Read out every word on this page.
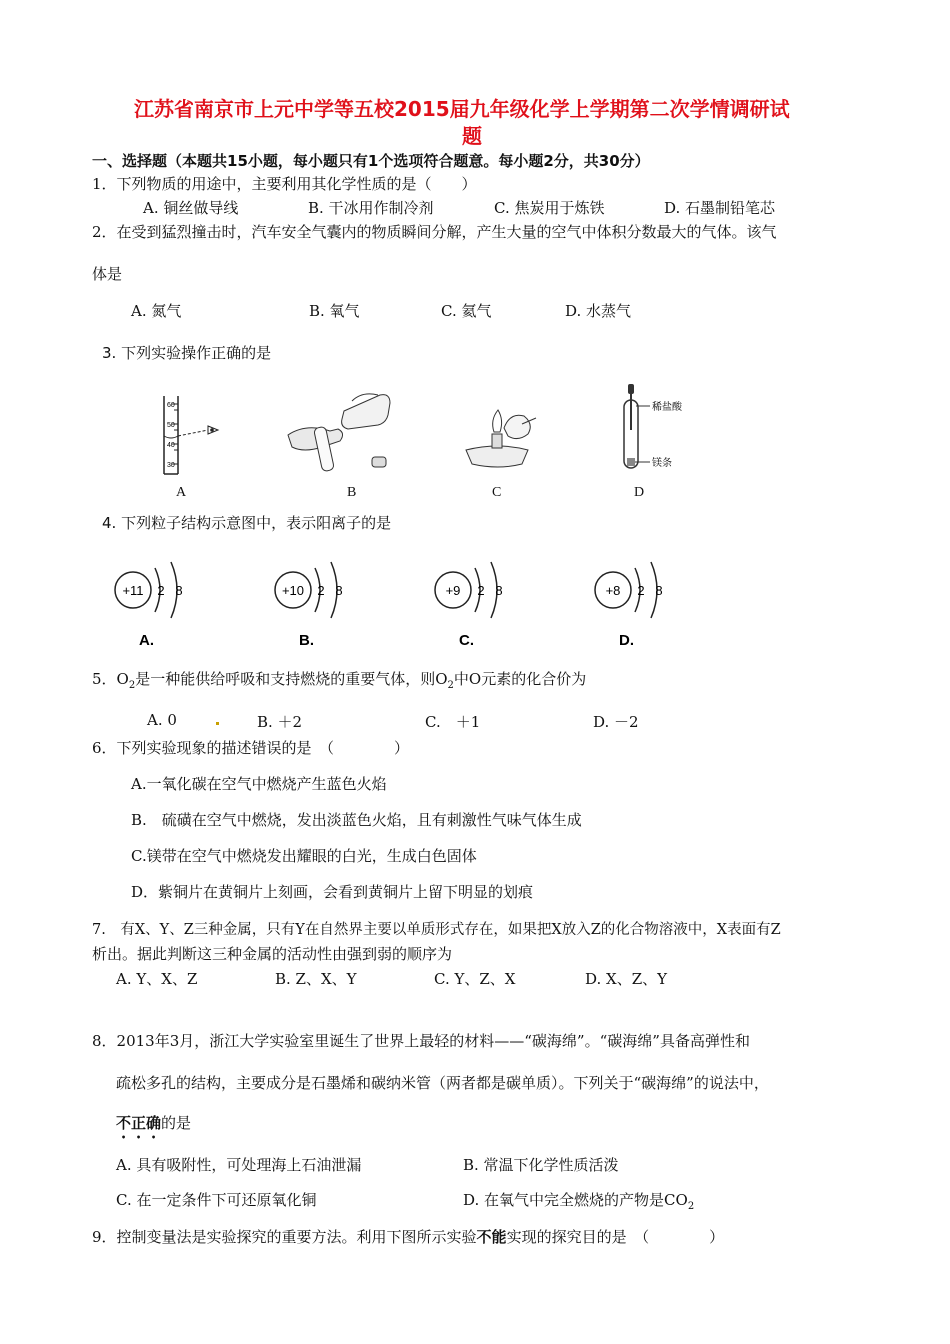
江苏省南京市上元中学等五校2015届九年级化学上学期第二次学情调研试
题
一、选择题（本题共15小题，每小题只有1个选项符合题意。每小题2分，共30分）
1．下列物质的用途中，主要利用其化学性质的是（　　）
A. 铜丝做导线	B. 干冰用作制冷剂	C. 焦炭用于炼铁	D. 石墨制铅笔芯
2．在受到猛烈撞击时，汽车安全气囊内的物质瞬间分解，产生大量的空气中体积分数最大的气体。该气
体是
A. 氮气	B. 氧气	C. 氦气	D. 水蒸气
3. 下列实验操作正确的是
60
50
40
30
A	B	C
稀盐酸
镁条
D
4. 下列粒子结构示意图中，表示阳离子的是
+11 2 8
A.
+10 2 8
B.
+9 2 8
C.
+8 2 8
D.
5．$O_2$是一种能供给呼吸和支持燃烧的重要气体，则$O_2$中O元素的化合价为
A. 0	B. ＋2	C.　＋1	D. －2
6．下列实验现象的描述错误的是　（　　　　）
A.一氧化碳在空气中燃烧产生蓝色火焰
B.　硫磺在空气中燃烧，发出淡蓝色火焰，且有刺激性气味气体生成
C.镁带在空气中燃烧发出耀眼的白光，生成白色固体
D．紫铜片在黄铜片上刻画，会看到黄铜片上留下明显的划痕
7.　有X、Y、Z三种金属，只有Y在自然界主要以单质形式存在，如果把X放入Z的化合物溶液中，X表面有Z
析出。据此判断这三种金属的活动性由强到弱的顺序为
A. Y、X、Z	B. Z、X、Y	C. Y、Z、X	D. X、Z、Y
8．2013年3月，浙江大学实验室里诞生了世界上最轻的材料——“碳海绵”。“碳海绵”具备高弹性和
疏松多孔的结构，主要成分是石墨烯和碳纳米管（两者都是碳单质）。下列关于“碳海绵”的说法中，
不正确的是
A. 具有吸附性，可处理海上石油泄漏	B. 常温下化学性质活泼
C. 在一定条件下可还原氧化铜	D. 在氧气中完全燃烧的产物是$CO_2$
9．控制变量法是实验探究的重要方法。利用下图所示实验不能实现的探究目的是　（　　　　）
